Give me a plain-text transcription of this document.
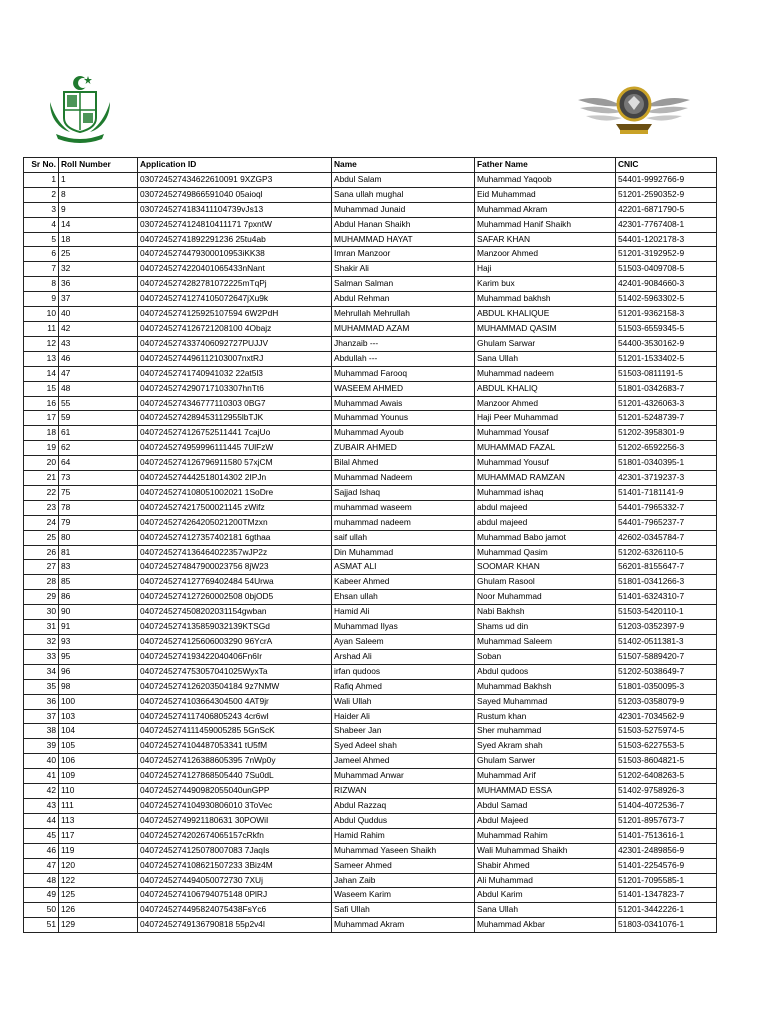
Sr No.	Roll Number	Application ID	Name	Father Name	CNIC
1	1	030724527434622610091 9XZGP3	Abdul Salam	Muhammad Yaqoob	54401-9992766-9
2	8	03072452749866591040 05aioql	Sana ullah mughal	Eid Muhammad	51201-2590352-9
3	9	0307245274183411104739vJs13	Muhammad Junaid	Muhammad Akram	42201-6871790-5
4	14	0307245274124810411171 7pxntW	Abdul Hanan Shaikh	Muhammad Hanif Shaikh	42301-7767408-1
5	18	04072452741892291236 25tu4ab	MUHAMMAD HAYAT	SAFAR KHAN	54401-1202178-3
6	25	0407245274479300010953iKK38	Imran Manzoor	Manzoor Ahmed	51201-3192952-9
7	32	0407245274220401065433nNant	Shakir Ali	Haji	51503-0409708-5
8	36	0407245274282781072225mTqPj	Salman Salman	Karim bux	42401-9084660-3
9	37	04072452741274105072647jXu9k	Abdul Rehman	Muhammad bakhsh	51402-5963302-5
10	40	0407245274125925107594 6W2PdH	Mehrullah Mehrullah	ABDUL KHALIQUE	51201-9362158-3
11	42	0407245274126721208100 4Obajz	MUHAMMAD AZAM	MUHAMMAD QASIM	51503-6559345-5
12	43	0407245274337406092727PUJJV	Jhanzaib ---	Ghulam Sarwar	54400-3530162-9
13	46	0407245274496112103007nxtRJ	Abdullah ---	Sana Ullah	51201-1533402-5
14	47	04072452741740941032 22at5l3	Muhammad Farooq	Muhammad nadeem	51503-0811191-5
15	48	0407245274290717103307hnTt6	WASEEM AHMED	ABDUL KHALIQ	51801-0342683-7
16	55	0407245274346777110303 0BG7	Muhammad Awais	Manzoor Ahmed	51201-4326063-3
17	59	0407245274289453112955lbTJK	Muhammad Younus	Haji Peer Muhammad	51201-5248739-7
18	61	0407245274126752511441 7cajUo	Muhammad Ayoub	Muhammad Yousaf	51202-3958301-9
19	62	0407245274959996111445 7UlFzW	ZUBAIR AHMED	MUHAMMAD FAZAL	51202-6592256-3
20	64	0407245274126796911580 57xjCM	Bilal Ahmed	Muhammad Yousuf	51801-0340395-1
21	73	0407245274442518014302 2IPJn	Muhammad Nadeem	MUHAMMAD RAMZAN	42301-3719237-3
22	75	0407245274108051002021 1SoDre	Sajjad Ishaq	Muhammad ishaq	51401-7181141-9
23	78	0407245274217500021145 zWifz	muhammad waseem	abdul majeed	54401-7965332-7
24	79	0407245274264205021200TMzxn	muhammad nadeem	abdul majeed	54401-7965237-7
25	80	0407245274127357402181 6gthaa	saif ullah	Muhammad Babo jamot	42602-0345784-7
26	81	0407245274136464022357wJP2z	Din Muhammad	Muhammad Qasim	51202-6326110-5
27	83	0407245274847900023756 8jW23	ASMAT ALI	SOOMAR KHAN	56201-8155647-7
28	85	0407245274127769402484 54Urwa	Kabeer Ahmed	Ghulam Rasool	51801-0341266-3
29	86	0407245274127260002508 0bjOD5	Ehsan ullah	Noor Muhammad	51401-6324310-7
30	90	0407245274508202031154gwban	Hamid Ali	Nabi Bakhsh	51503-5420110-1
31	91	0407245274135859032139KTSGd	Muhammad Ilyas	Shams ud din	51203-0352397-9
32	93	0407245274125606003290 96YcrA	Ayan Saleem	Muhammad Saleem	51402-0511381-3
33	95	0407245274193422040406Fn6Ir	Arshad Ali	Soban	51507-5889420-7
34	96	0407245274753057041025WyxTa	irfan qudoos	Abdul qudoos	51202-5038649-7
35	98	0407245274126203504184 9z7NMW	Rafiq Ahmed	Muhammad Bakhsh	51801-0350095-3
36	100	0407245274103664304500 4AT9jr	Wali Ullah	Sayed Muhammad	51203-0358079-9
37	103	0407245274117406805243 4cr6wI	Haider Ali	Rustum khan	42301-7034562-9
38	104	0407245274111459005285 5GnScK	Shabeer Jan	Sher muhammad	51503-5275974-5
39	105	0407245274104487053341 tU5fM	Syed Adeel shah	Syed Akram shah	51503-6227553-5
40	106	0407245274126388605395 7nWp0y	Jameel Ahmed	Ghulam Sarwer	51503-8604821-5
41	109	0407245274127868505440 7Su0dL	Muhammad Anwar	Muhammad Arif	51202-6408263-5
42	110	0407245274490982055040unGPP	RIZWAN	MUHAMMAD ESSA	51402-9758926-3
43	111	0407245274104930806010 3ToVec	Abdul Razzaq	Abdul Samad	51404-4072536-7
44	113	04072452749921180631 30POWiI	Abdul Quddus	Abdul Majeed	51201-8957673-7
45	117	0407245274202674065157cRkfn	Hamid Rahim	Muhammad Rahim	51401-7513616-1
46	119	0407245274125078007083 7JaqIs	Muhammad Yaseen Shaikh	Wali Muhammad Shaikh	42301-2489856-9
47	120	0407245274108621507233 3Biz4M	Sameer Ahmed	Shabir Ahmed	51401-2254576-9
48	122	0407245274494050072730 7XUj	Jahan Zaib	Ali Muhammad	51201-7095585-1
49	125	0407245274106794075148 0PlRJ	Waseem Karim	Abdul Karim	51401-1347823-7
50	126	0407245274495824075438FsYc6	Safi Ullah	Sana Ullah	51201-3442226-1
51	129	04072452749136790818 55p2v4l	Muhammad Akram	Muhammad Akbar	51803-0341076-1
